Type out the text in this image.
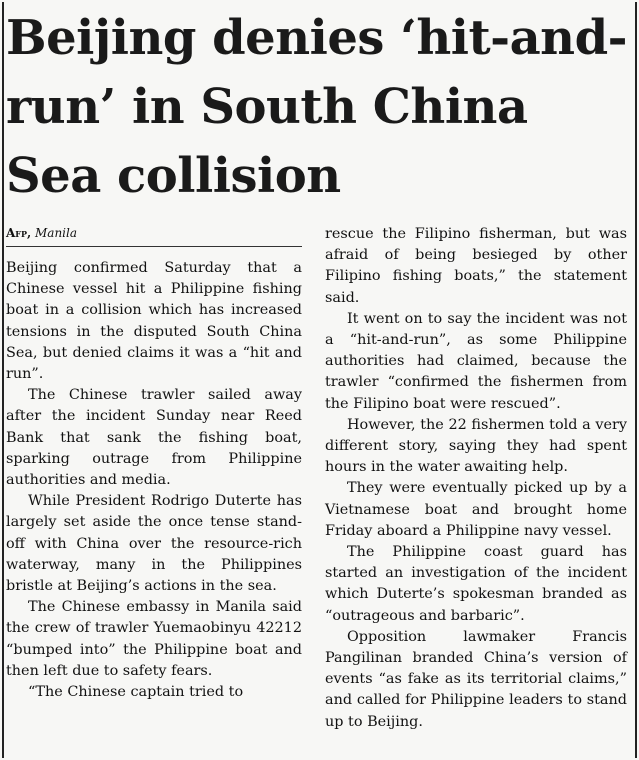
Beijing denies ‘hit-and-run’ in South China Sea collision
Afp, Manila

Beijing confirmed Saturday that a Chinese vessel hit a Philippine fishing boat in a collision which has increased tensions in the disputed South China Sea, but denied claims it was a “hit and run”.

The Chinese trawler sailed away after the incident Sunday near Reed Bank that sank the fishing boat, sparking outrage from Philippine authorities and media.

While President Rodrigo Duterte has largely set aside the once tense stand-off with China over the resource-rich waterway, many in the Philippines bristle at Beijing’s actions in the sea.

The Chinese embassy in Manila said the crew of trawler Yuemaobinyu 42212 “bumped into” the Philippine boat and then left due to safety fears.

“The Chinese captain tried to

rescue the Filipino fisherman, but was afraid of being besieged by other Filipino fishing boats,” the statement said.

It went on to say the incident was not a “hit-and-run”, as some Philippine authorities had claimed, because the trawler “confirmed the fishermen from the Filipino boat were rescued”.

However, the 22 fishermen told a very different story, saying they had spent hours in the water awaiting help.

They were eventually picked up by a Vietnamese boat and brought home Friday aboard a Philippine navy vessel.

The Philippine coast guard has started an investigation of the incident which Duterte’s spokesman branded as “outrageous and barbaric”.

Opposition lawmaker Francis Pangilinan branded China’s version of events “as fake as its territorial claims,” and called for Philippine leaders to stand up to Beijing.
